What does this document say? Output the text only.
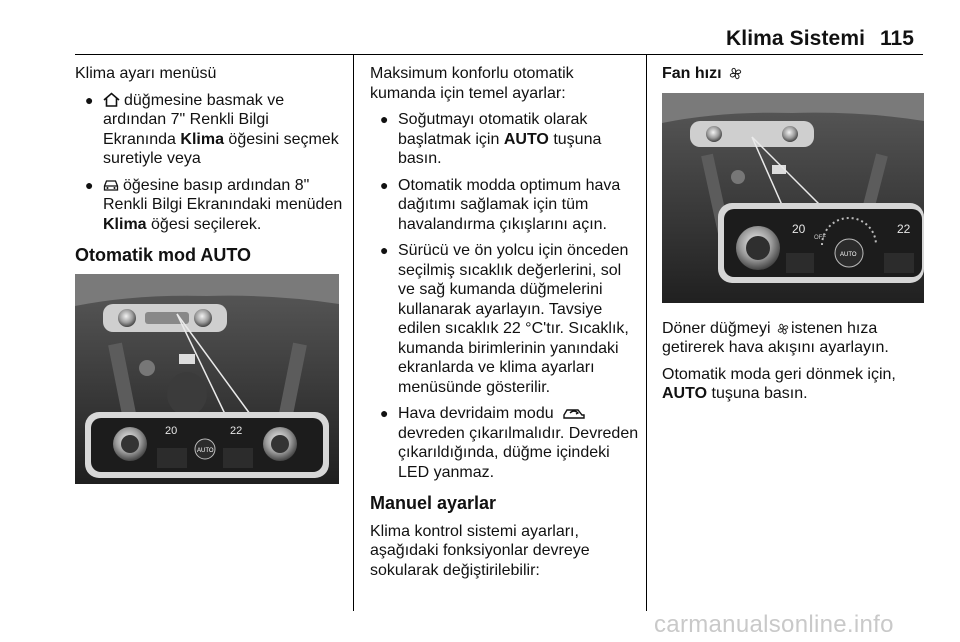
Klima Sistemi 115

Klima ayarı menüsü

● düğmesine basmak ve ardından 7" Renkli Bilgi Ekranında Klima öğesini seçmek suretiyle veya
● öğesine basıp ardından 8" Renkli Bilgi Ekranındaki menüden Klima öğesi seçilerek.
Otomatik mod AUTO
20	22
AUTO

Maksimum konforlu otomatik kumanda için temel ayarlar:

● Soğutmayı otomatik olarak başlatmak için AUTO tuşuna basın.
● Otomatik modda optimum hava dağıtımı sağlamak için tüm havalandırma çıkışlarını açın.
● Sürücü ve ön yolcu için önceden seçilmiş sıcaklık değerlerini, sol ve sağ kumanda düğmelerini kullanarak ayarlayın. Tavsiye edilen sıcaklık 22 °C'tır. Sıcaklık, kumanda birimlerinin yanındaki ekranlarda ve klima ayarları menüsünde gösterilir.
● Hava devridaim modu
devreden çıkarılmalıdır. Devreden çıkarıldığında, düğme içindeki LED yanmaz.
Manuel ayarlar

Klima kontrol sistemi ayarları, aşağıdaki fonksiyonlar devreye sokularak değiştirilebilir:

Fan hızı
20	22
OFF
AUTO

Döner düğmeyi istenen hıza getirerek hava akışını ayarlayın.

Otomatik moda geri dönmek için, AUTO tuşuna basın.

carmanualsonline.info
